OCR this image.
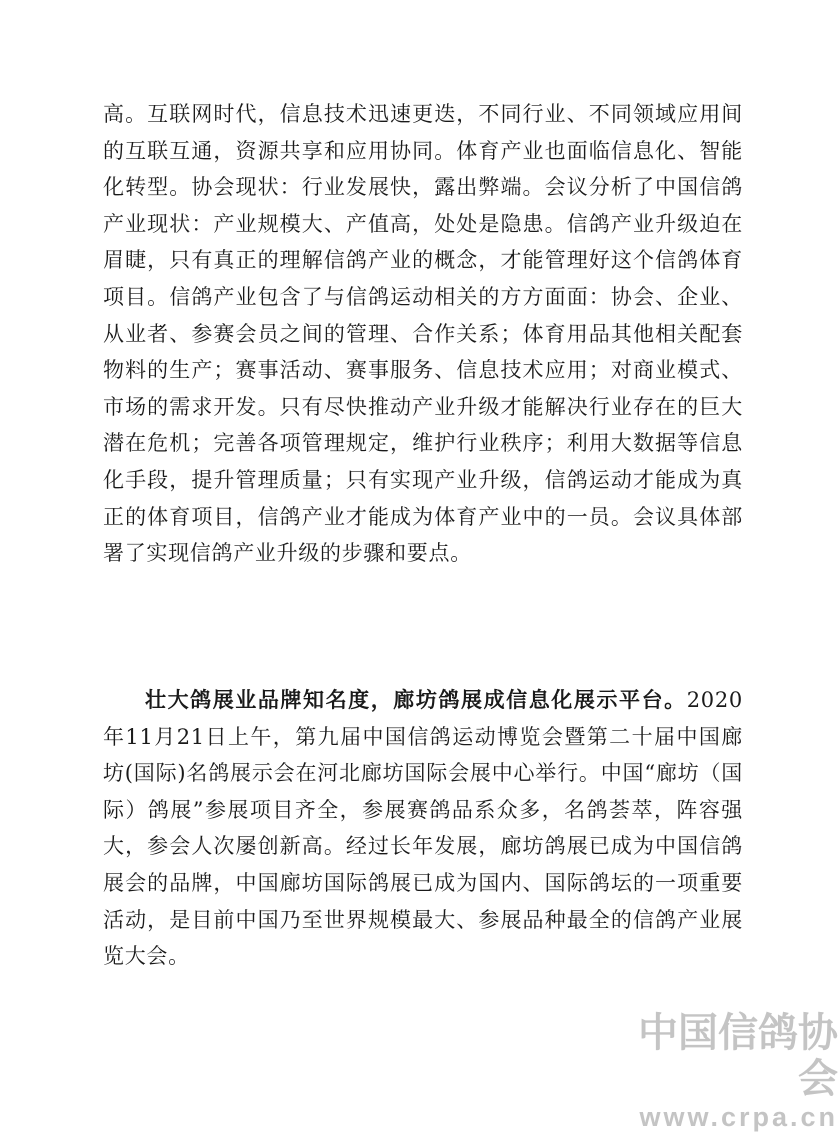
高。互联网时代，信息技术迅速更迭，不同行业、不同领域应用间的互联互通，资源共享和应用协同。体育产业也面临信息化、智能化转型。协会现状：行业发展快，露出弊端。会议分析了中国信鸽产业现状：产业规模大、产值高，处处是隐患。信鸽产业升级迫在眉睫，只有真正的理解信鸽产业的概念，才能管理好这个信鸽体育项目。信鸽产业包含了与信鸽运动相关的方方面面：协会、企业、从业者、参赛会员之间的管理、合作关系；体育用品其他相关配套物料的生产；赛事活动、赛事服务、信息技术应用；对商业模式、市场的需求开发。只有尽快推动产业升级才能解决行业存在的巨大潜在危机；完善各项管理规定，维护行业秩序；利用大数据等信息化手段，提升管理质量；只有实现产业升级，信鸽运动才能成为真正的体育项目，信鸽产业才能成为体育产业中的一员。会议具体部署了实现信鸽产业升级的步骤和要点。

壮大鸽展业品牌知名度，廊坊鸽展成信息化展示平台。2020年11月21日上午，第九届中国信鸽运动博览会暨第二十届中国廊坊(国际)名鸽展示会在河北廊坊国际会展中心举行。中国“廊坊（国际）鸽展”参展项目齐全，参展赛鸽品系众多，名鸽荟萃，阵容强大，参会人次屡创新高。经过长年发展，廊坊鸽展已成为中国信鸽展会的品牌，中国廊坊国际鸽展已成为国内、国际鸽坛的一项重要活动，是目前中国乃至世界规模最大、参展品种最全的信鸽产业展览大会。

中国信鸽协会
www.crpa.cn
